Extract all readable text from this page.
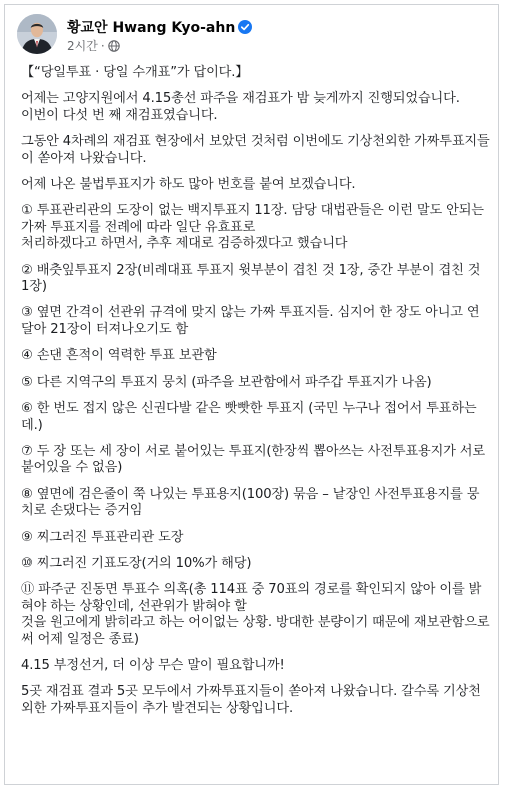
황교안 Hwang Kyo-ahn
2시간 ·

【“당일투표 · 당일 수개표”가 답이다.】

어제는 고양지원에서 4.15총선 파주을 재검표가 밤 늦게까지 진행되었습니다.
이번이 다섯 번 째 재검표였습니다.

그동안 4차례의 재검표 현장에서 보았던 것처럼 이번에도 기상천외한 가짜투표지들이 쏟아져 나왔습니다.

어제 나온 불법투표지가 하도 많아 번호를 붙여 보겠습니다.

① 투표관리관의 도장이 없는 백지투표지 11장. 담당 대법관들은 이런 말도 안되는 가짜 투표지를 전례에 따라 일단 유효표로
처리하겠다고 하면서, 추후 제대로 검증하겠다고 했습니다

② 배춧잎투표지 2장(비례대표 투표지 윗부분이 겹친 것 1장, 중간 부분이 겹친 것 1장)

③ 옆면 간격이 선관위 규격에 맞지 않는 가짜 투표지들. 심지어 한 장도 아니고 연달아 21장이 터져나오기도 함

④ 손댄 흔적이 역력한 투표 보관함

⑤ 다른 지역구의 투표지 뭉치 (파주을 보관함에서 파주갑 투표지가 나옴)

⑥ 한 번도 접지 않은 신권다발 같은 빳빳한 투표지 (국민 누구나 접어서 투표하는데.)

⑦ 두 장 또는 세 장이 서로 붙어있는 투표지(한장씩 뽑아쓰는 사전투표용지가 서로 붙어있을 수 없음)

⑧ 옆면에 검은줄이 쭉 나있는 투표용지(100장) 묶음 – 낱장인 사전투표용지를 뭉치로 손댔다는 증거임

⑨ 찌그러진 투표관리관 도장

⑩ 찌그러진 기표도장(거의 10%가 해당)

⑪ 파주군 진동면 투표수 의혹(총 114표 중 70표의 경로를 확인되지 않아 이를 밝혀야 하는 상황인데, 선관위가 밝혀야 할
것을 원고에게 밝히라고 하는 어이없는 상황. 방대한 분량이기 때문에 재보관함으로써 어제 일정은 종료)

4.15 부정선거, 더 이상 무슨 말이 필요합니까!

5곳 재검표 결과 5곳 모두에서 가짜투표지들이 쏟아져 나왔습니다. 갈수록 기상천외한 가짜투표지들이 추가 발견되는 상황입니다.
